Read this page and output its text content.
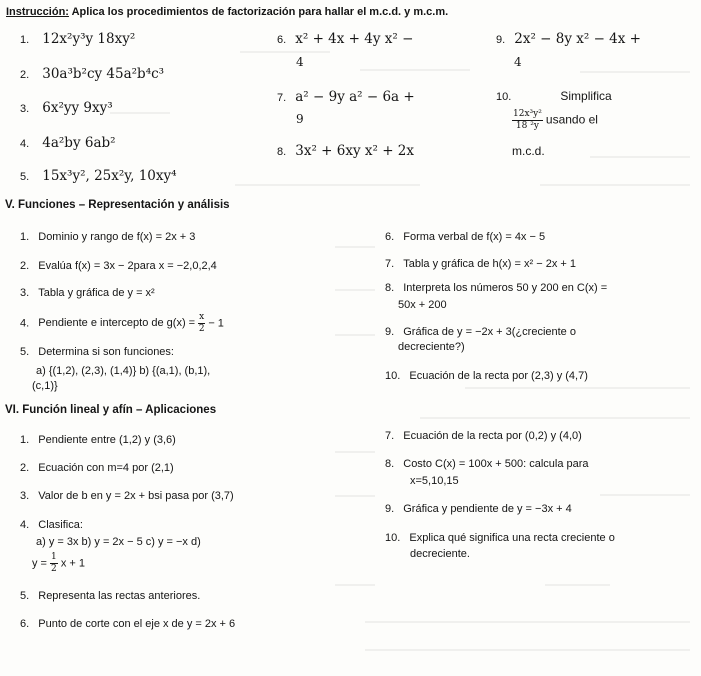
Instrucción: Aplica los procedimientos de factorización para hallar el m.c.d. y m.c.m.
1. 12x²y³y 18xy²
2. 30a³b²cy 45a²b⁴c³
3. 6x²yy 9xy³
4. 4a²by 6ab²
5. 15x³y², 25x²y, 10xy⁴
6. x² + 4x + 4y x² −
4
7. a² − 9y a² − 6a +
9
8. 3x² + 6xy x² + 2x
9. 2x² − 8y x² − 4x +
4
10.	Simplifica
$\frac{\text{12x³y²}}{\text{18 ²y}}$ usando el
m.c.d.
V. Funciones – Representación y análisis
1. Dominio y rango de f(x) = 2x + 3
2. Evalúa f(x) = 3x − 2para x = −2,0,2,4
3. Tabla y gráfica de y = x²
4. Pendiente e intercepto de $g(x) = \frac{x}{2} - 1$
5. Determina si son funciones:
a) {(1,2), (2,3), (1,4)} b) {(a,1), (b,1),
(c,1)}
6. Forma verbal de f(x) = 4x − 5
7. Tabla y gráfica de h(x) = x² − 2x + 1
8. Interpreta los números 50 y 200 en C(x) =
50x + 200
9. Gráfica de y = −2x + 3(¿creciente o
decreciente?)
10. Ecuación de la recta por (2,3) y (4,7)
VI. Función lineal y afín – Aplicaciones
1. Pendiente entre (1,2) y (3,6)
2. Ecuación con m=4 por (2,1)
3. Valor de b en y = 2x + bsi pasa por (3,7)
4. Clasifica:
a) y = 3x b) y = 2x − 5 c) y = −x d)
$y = \frac{1}{2}$ x + 1
5. Representa las rectas anteriores.
6. Punto de corte con el eje x de y = 2x + 6
7. Ecuación de la recta por (0,2) y (4,0)
8. Costo C(x) = 100x + 500: calcula para
x=5,10,15
9. Gráfica y pendiente de y = −3x + 4
10. Explica qué significa una recta creciente o
decreciente.
